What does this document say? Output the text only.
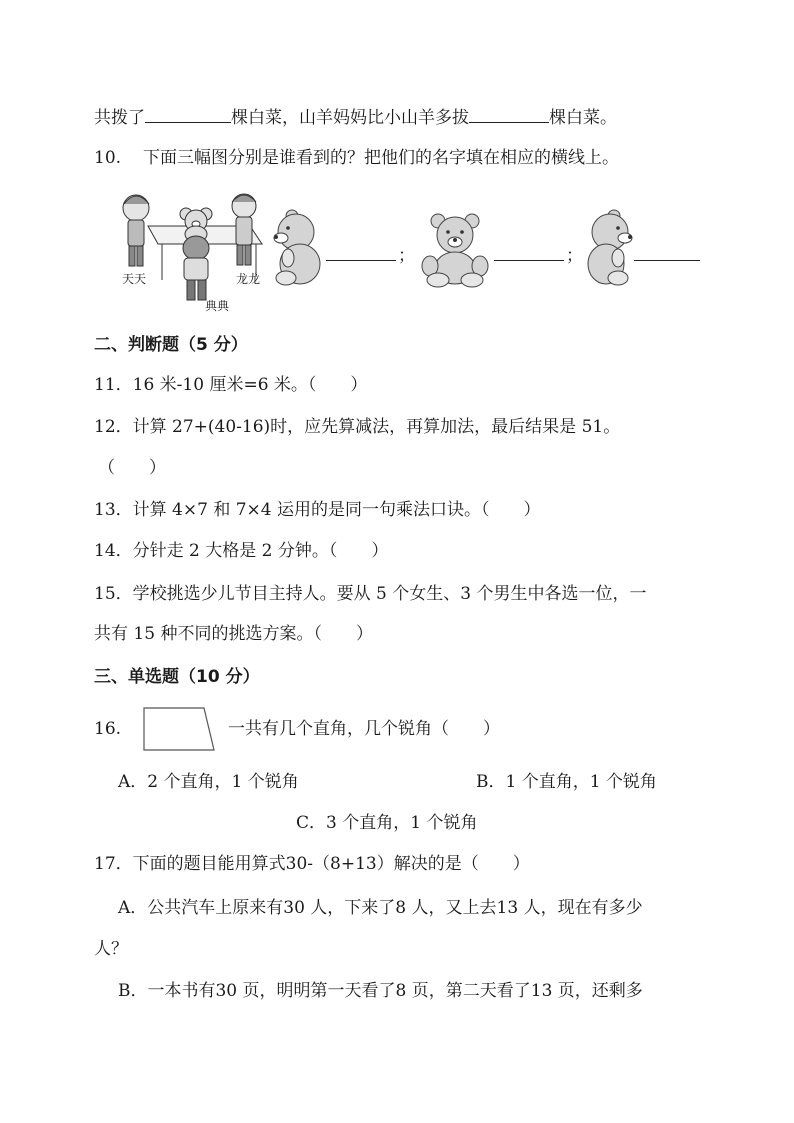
共拨了	棵白菜，山羊妈妈比小山羊多拔	棵白菜。
10. 下面三幅图分别是谁看到的？把他们的名字填在相应的横线上。
天天	龙龙
典典
；	；
二、判断题（5 分）
11．16 米-10 厘米=6 米。（　　）
12．计算 27+(40-16)时，应先算减法，再算加法，最后结果是 51。
（　　）
13．计算 4×7 和 7×4 运用的是同一句乘法口诀。（　　）
14．分针走 2 大格是 2 分钟。（　　）
15．学校挑选少儿节目主持人。要从 5 个女生、3 个男生中各选一位，一
共有 15 种不同的挑选方案。（　　）
三、单选题（10 分）
16.	一共有几个直角，几个锐角（　　）
A．2 个直角，1 个锐角	B．1 个直角，1 个锐角
C．3 个直角，1 个锐角
17．下面的题目能用算式30-（8+13）解决的是（　　）
A．公共汽车上原来有30 人，下来了8 人，又上去13 人，现在有多少
人？
B．一本书有30 页，明明第一天看了8 页，第二天看了13 页，还剩多
